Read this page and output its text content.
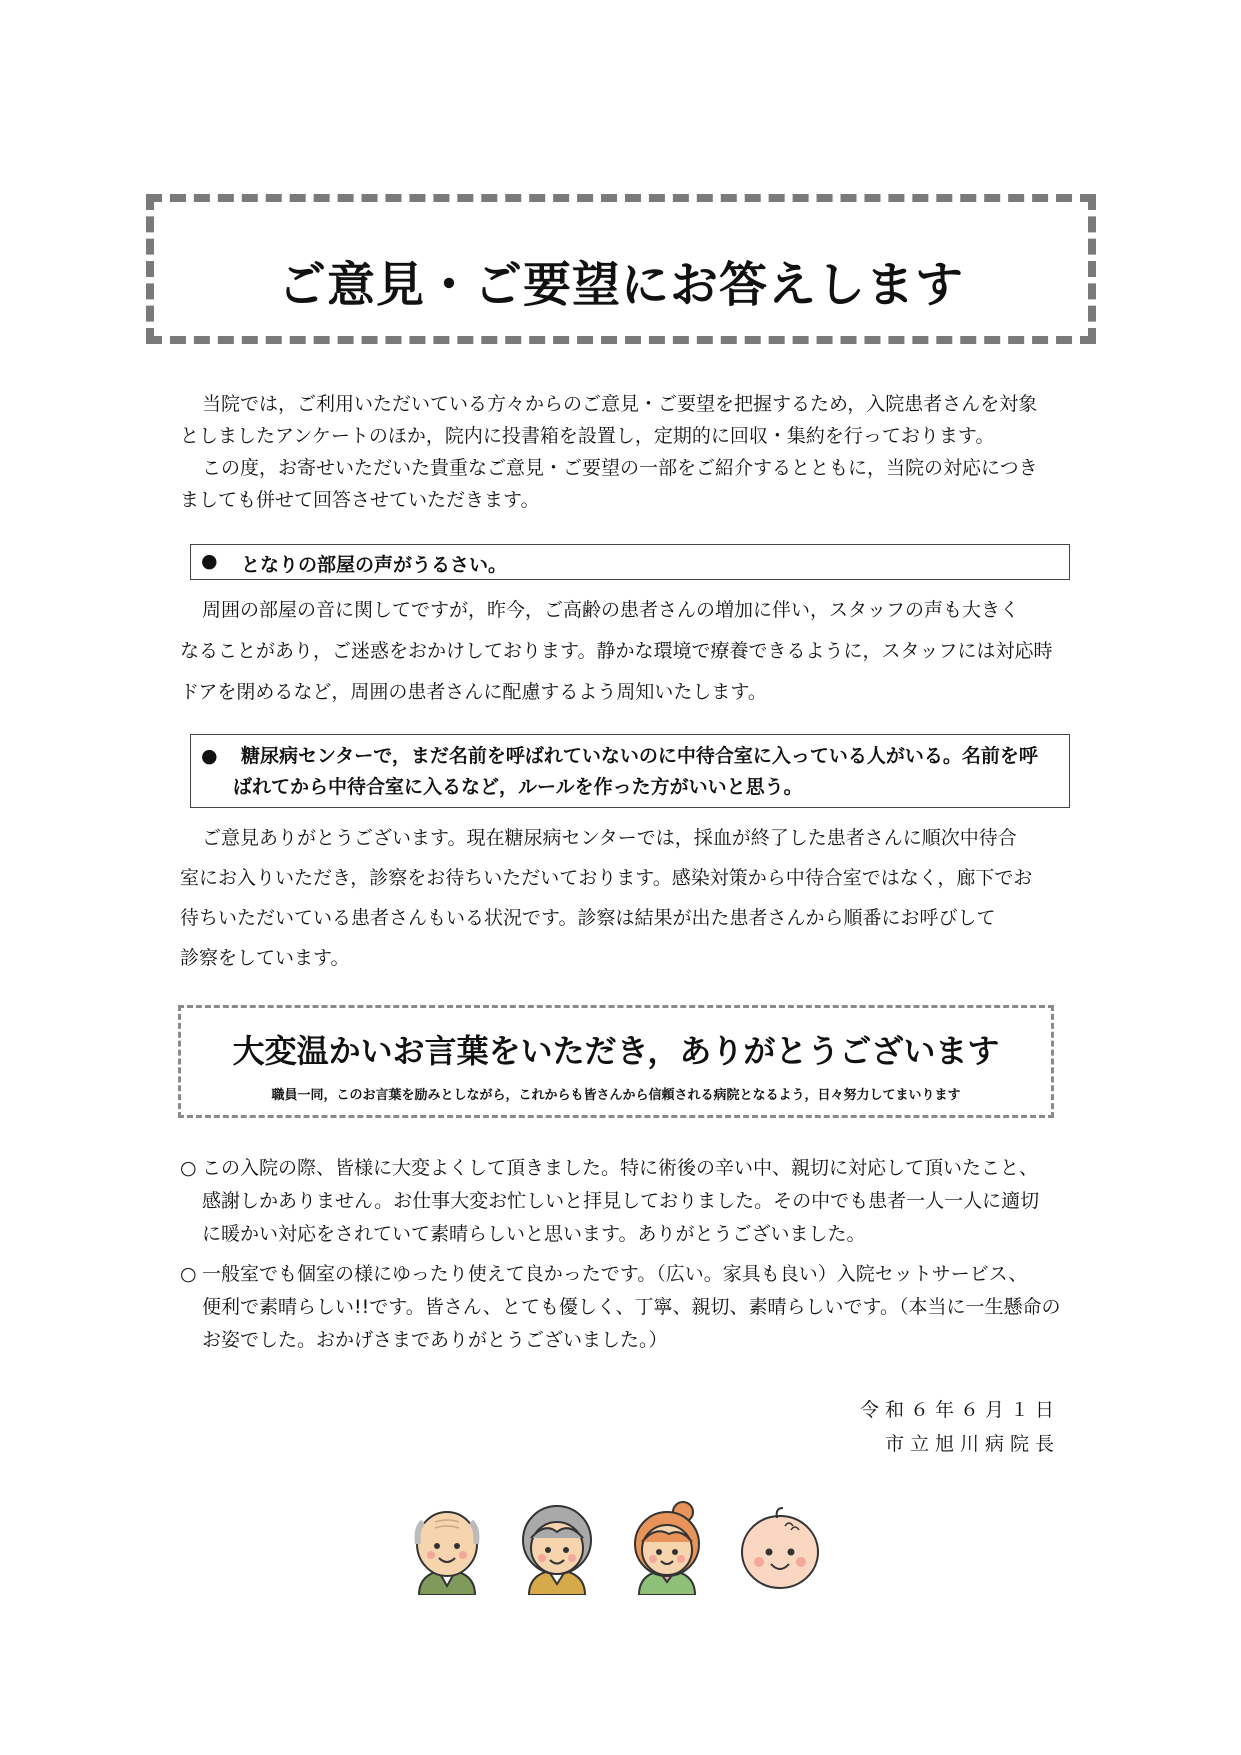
ご意見・ご要望にお答えします
当院では，ご利用いただいている方々からのご意見・ご要望を把握するため，入院患者さんを対象
としましたアンケートのほか，院内に投書箱を設置し，定期的に回収・集約を行っております。
この度，お寄せいただいた貴重なご意見・ご要望の一部をご紹介するとともに，当院の対応につき
ましても併せて回答させていただきます。
●	となりの部屋の声がうるさい。
周囲の部屋の音に関してですが，昨今，ご高齢の患者さんの増加に伴い，スタッフの声も大きく
なることがあり，ご迷惑をおかけしております。静かな環境で療養できるように，スタッフには対応時
ドアを閉めるなど，周囲の患者さんに配慮するよう周知いたします。
●	糖尿病センターで，まだ名前を呼ばれていないのに中待合室に入っている人がいる。名前を呼
ばれてから中待合室に入るなど，ルールを作った方がいいと思う。
ご意見ありがとうございます。現在糖尿病センターでは，採血が終了した患者さんに順次中待合
室にお入りいただき，診察をお待ちいただいております。感染対策から中待合室ではなく，廊下でお
待ちいただいている患者さんもいる状況です。診察は結果が出た患者さんから順番にお呼びして
診察をしています。
大変温かいお言葉をいただき，ありがとうございます
職員一同，このお言葉を励みとしながら，これからも皆さんから信頼される病院となるよう，日々努力してまいります
○ この入院の際、皆様に大変よくして頂きました。特に術後の辛い中、親切に対応して頂いたこと、
感謝しかありません。お仕事大変お忙しいと拝見しておりました。その中でも患者一人一人に適切
に暖かい対応をされていて素晴らしいと思います。ありがとうございました。
○ 一般室でも個室の様にゆったり使えて良かったです。（広い。家具も良い）入院セットサービス、
便利で素晴らしい!!です。皆さん、とても優しく、丁寧、親切、素晴らしいです。（本当に一生懸命の
お姿でした。おかげさまでありがとうございました。）
令和６年６月１日
市立旭川病院長
